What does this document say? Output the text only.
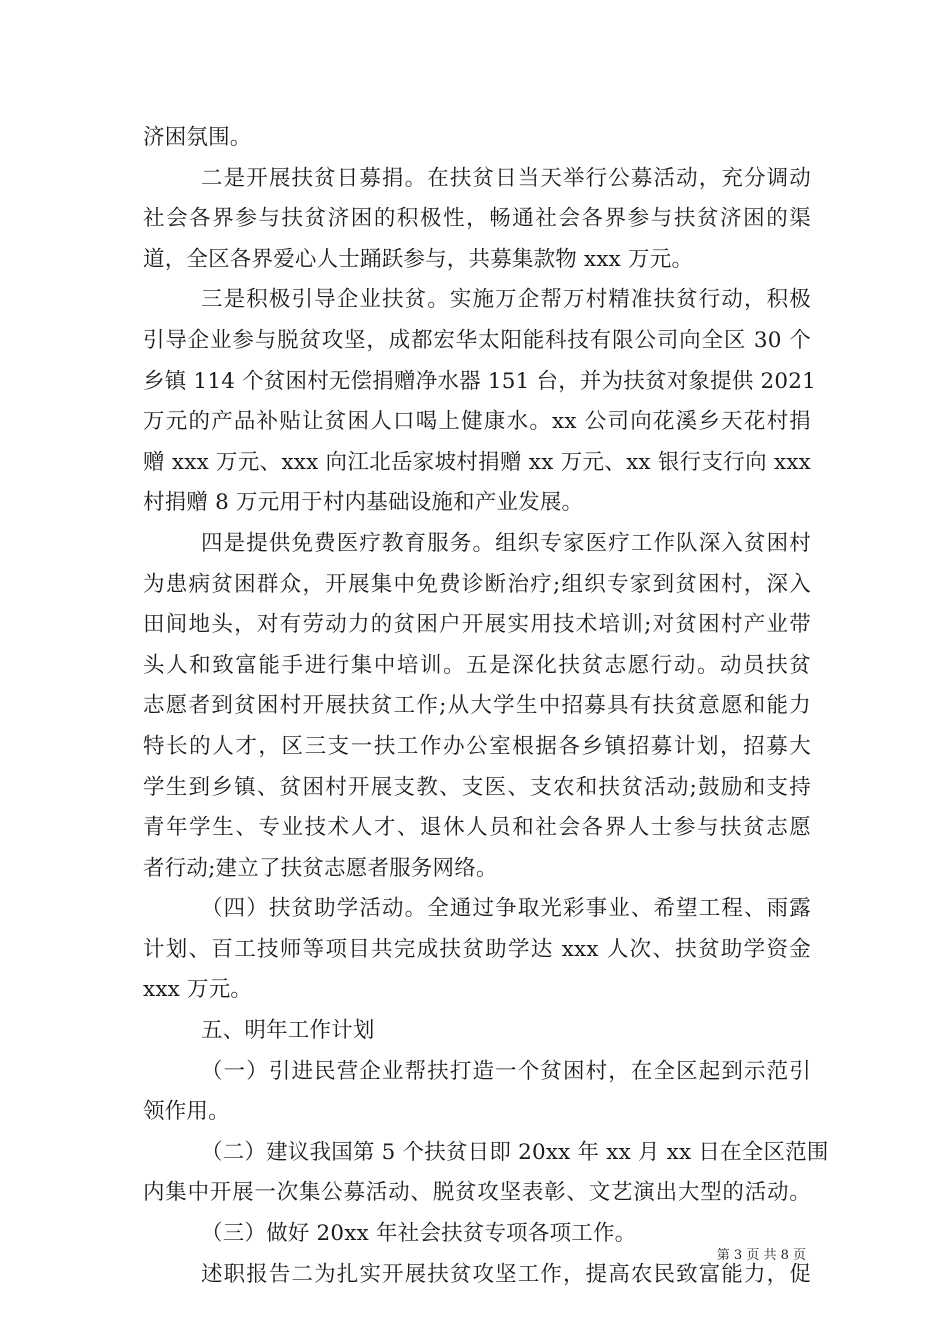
济困氛围。
二是开展扶贫日募捐。在扶贫日当天举行公募活动，充分调动
社会各界参与扶贫济困的积极性，畅通社会各界参与扶贫济困的渠
道，全区各界爱心人士踊跃参与，共募集款物 xxx 万元。
三是积极引导企业扶贫。实施万企帮万村精准扶贫行动，积极
引导企业参与脱贫攻坚，成都宏华太阳能科技有限公司向全区 30 个
乡镇 114 个贫困村无偿捐赠净水器 151 台，并为扶贫对象提供 2021
万元的产品补贴让贫困人口喝上健康水。xx 公司向花溪乡天花村捐
赠 xxx 万元、xxx 向江北岳家坡村捐赠 xx 万元、xx 银行支行向 xxx
村捐赠 8 万元用于村内基础设施和产业发展。
四是提供免费医疗教育服务。组织专家医疗工作队深入贫困村
为患病贫困群众，开展集中免费诊断治疗;组织专家到贫困村，深入
田间地头，对有劳动力的贫困户开展实用技术培训;对贫困村产业带
头人和致富能手进行集中培训。五是深化扶贫志愿行动。动员扶贫
志愿者到贫困村开展扶贫工作;从大学生中招募具有扶贫意愿和能力
特长的人才，区三支一扶工作办公室根据各乡镇招募计划，招募大
学生到乡镇、贫困村开展支教、支医、支农和扶贫活动;鼓励和支持
青年学生、专业技术人才、退休人员和社会各界人士参与扶贫志愿
者行动;建立了扶贫志愿者服务网络。
（四）扶贫助学活动。全通过争取光彩事业、希望工程、雨露
计划、百工技师等项目共完成扶贫助学达 xxx 人次、扶贫助学资金
xxx 万元。
五、明年工作计划
（一）引进民营企业帮扶打造一个贫困村，在全区起到示范引
领作用。
（二）建议我国第 5 个扶贫日即 20xx 年 xx 月 xx 日在全区范围
内集中开展一次集公募活动、脱贫攻坚表彰、文艺演出大型的活动。
（三）做好 20xx 年社会扶贫专项各项工作。
述职报告二为扎实开展扶贫攻坚工作，提高农民致富能力，促
第 3 页 共 8 页
